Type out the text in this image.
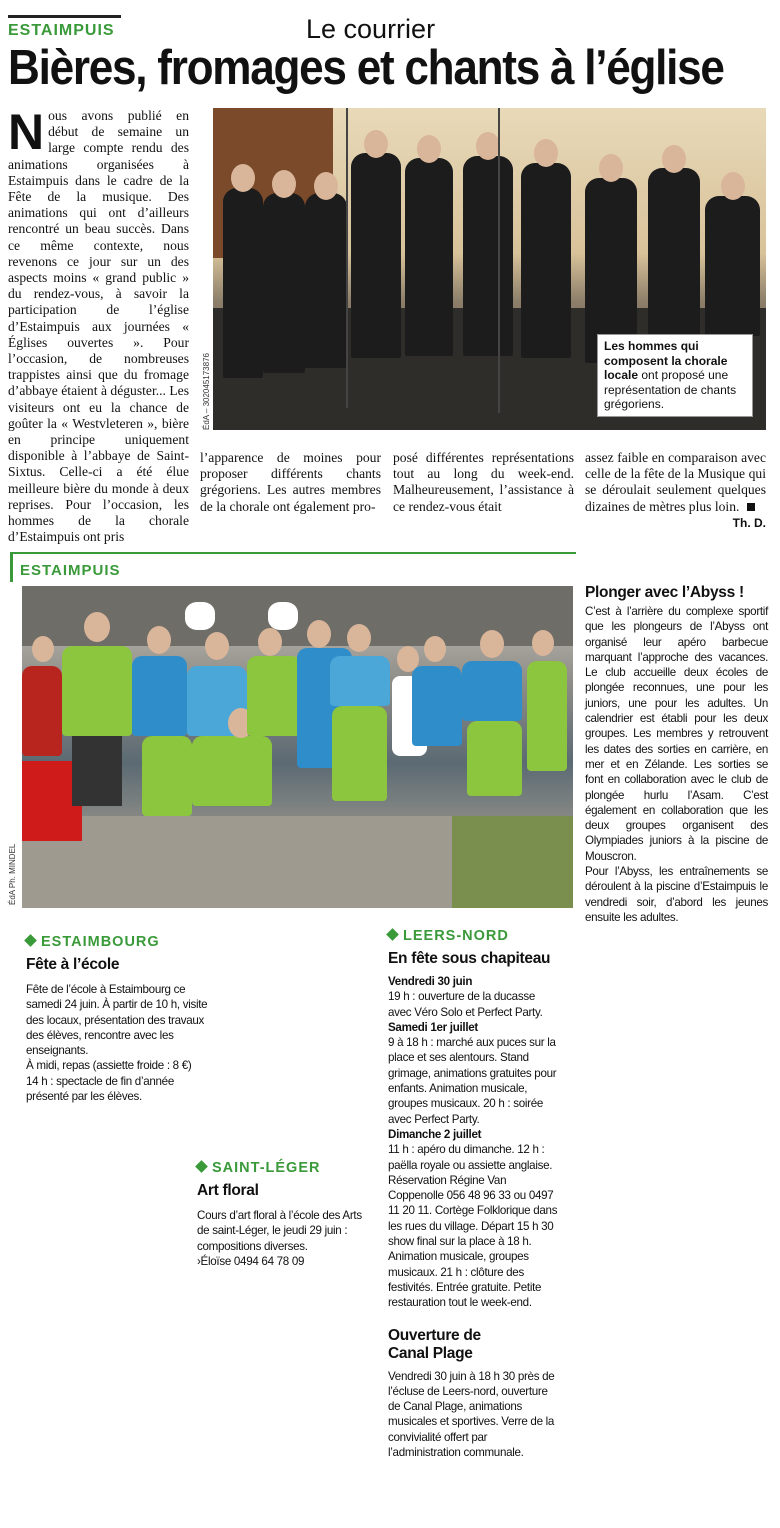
ESTAIMPUIS	Le courrier
Bières, fromages et chants à l’église
N ous avons publié en début de semaine un large compte rendu des animations organisées à Estaimpuis dans le cadre de la Fête de la musique. Des animations qui ont d’ailleurs rencontré un beau succès. Dans ce même contexte, nous revenons ce jour sur un des aspects moins « grand public » du rendez-vous, à savoir la participation de l’église d’Estaimpuis aux journées « Églises ouvertes ». Pour l’occasion, de nombreuses trappistes ainsi que du fromage d’abbaye étaient à déguster... Les visiteurs ont eu la chance de goûter la « Westvleteren », bière en principe uniquement disponible à l’abbaye de Saint-Sixtus. Celle-ci a été élue meilleure bière du monde à deux reprises. Pour l’occasion, les hommes de la chorale d’Estaimpuis ont pris
ÉdA – 302045173876
Les hommes qui composent la chorale locale ont proposé une représentation de chants grégoriens.
l’apparence de moines pour proposer différents chants grégoriens. Les autres membres de la chorale ont également pro-
posé différentes représentations tout au long du week-end. Malheureusement, l’assistance à ce rendez-vous était
assez faible en comparaison avec celle de la fête de la Musique qui se déroulait seulement quelques dizaines de mètres plus loin.
Th. D.
ESTAIMPUIS
ÉdA Ph. MINDEL
Plonger avec l’Abyss !
C’est à l’arrière du complexe sportif que les plongeurs de l’Abyss ont organisé leur apéro barbecue marquant l’approche des vacances. Le club accueille deux écoles de plongée reconnues, une pour les juniors, une pour les adultes. Un calendrier est établi pour les deux groupes. Les membres y retrouvent les dates des sorties en carrière, en mer et en Zélande. Les sorties se font en collaboration avec le club de plongée hurlu l’Asam. C’est également en collaboration que les deux groupes organisent des Olympiades juniors à la piscine de Mouscron.
Pour l’Abyss, les entraînements se déroulent à la piscine d’Estaimpuis le vendredi soir, d’abord les jeunes ensuite les adultes.
ESTAIMBOURG
Fête à l’école
Fête de l’école à Estaimbourg ce samedi 24 juin. À partir de 10 h, visite des locaux, présentation des travaux des élèves, rencontre avec les enseignants.
À midi, repas (assiette froide : 8 €)
14 h : spectacle de fin d’année présenté par les élèves.
SAINT-LÉGER
Art floral
Cours d’art floral à l’école des Arts de saint-Léger, le jeudi 29 juin : compositions diverses.
›Éloïse 0494 64 78 09
LEERS-NORD
En fête sous chapiteau
Vendredi 30 juin
19 h : ouverture de la ducasse avec Véro Solo et Perfect Party.
Samedi 1er juillet
9 à 18 h : marché aux puces sur la place et ses alentours. Stand grimage, animations gratuites pour enfants. Animation musicale, groupes musicaux. 20 h : soirée avec Perfect Party.
Dimanche 2 juillet
11 h : apéro du dimanche. 12 h : paëlla royale ou assiette anglaise. Réservation Régine Van Coppenolle 056 48 96 33 ou 0497 11 20 11. Cortège Folklorique dans les rues du village. Départ 15 h 30 show final sur la place à 18 h. Animation musicale, groupes musicaux. 21 h : clôture des festivités. Entrée gratuite. Petite restauration tout le week-end.
Ouverture de Canal Plage
Vendredi 30 juin à 18 h 30 près de l’écluse de Leers-nord, ouverture de Canal Plage, animations musicales et sportives. Verre de la convivialité offert par l’administration communale.
